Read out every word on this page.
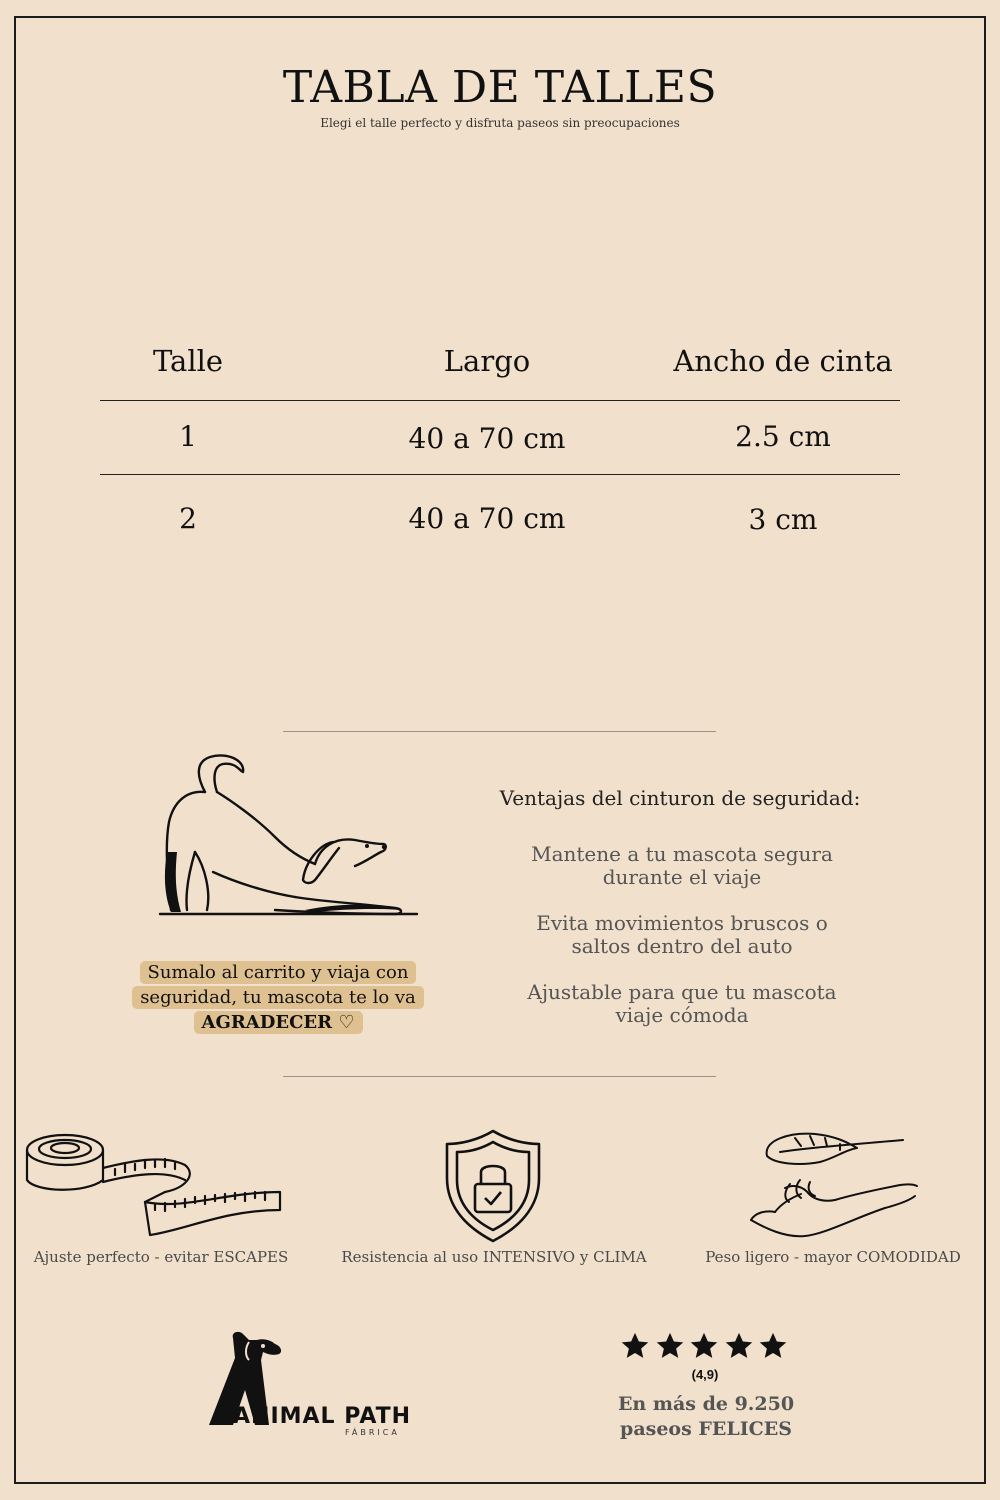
TABLA DE TALLES
Elegi el talle perfecto y disfruta paseos sin preocupaciones
Talle	Largo	Ancho de cinta
1	40 a 70 cm	2.5 cm
2	40 a 70 cm	3 cm
Sumalo al carrito y viaja con
seguridad, tu mascota te lo va
AGRADECER ♡
Ventajas del cinturon de seguridad:
Mantene a tu mascota segura
durante el viaje
Evita movimientos bruscos o
saltos dentro del auto
Ajustable para que tu mascota
viaje cómoda
Ajuste perfecto - evitar ESCAPES	Resistencia al uso INTENSIVO y CLIMA	Peso ligero - mayor COMODIDAD
ANIMAL PATH
FÁBRICA
(4,9)
En más de 9.250
paseos FELICES
